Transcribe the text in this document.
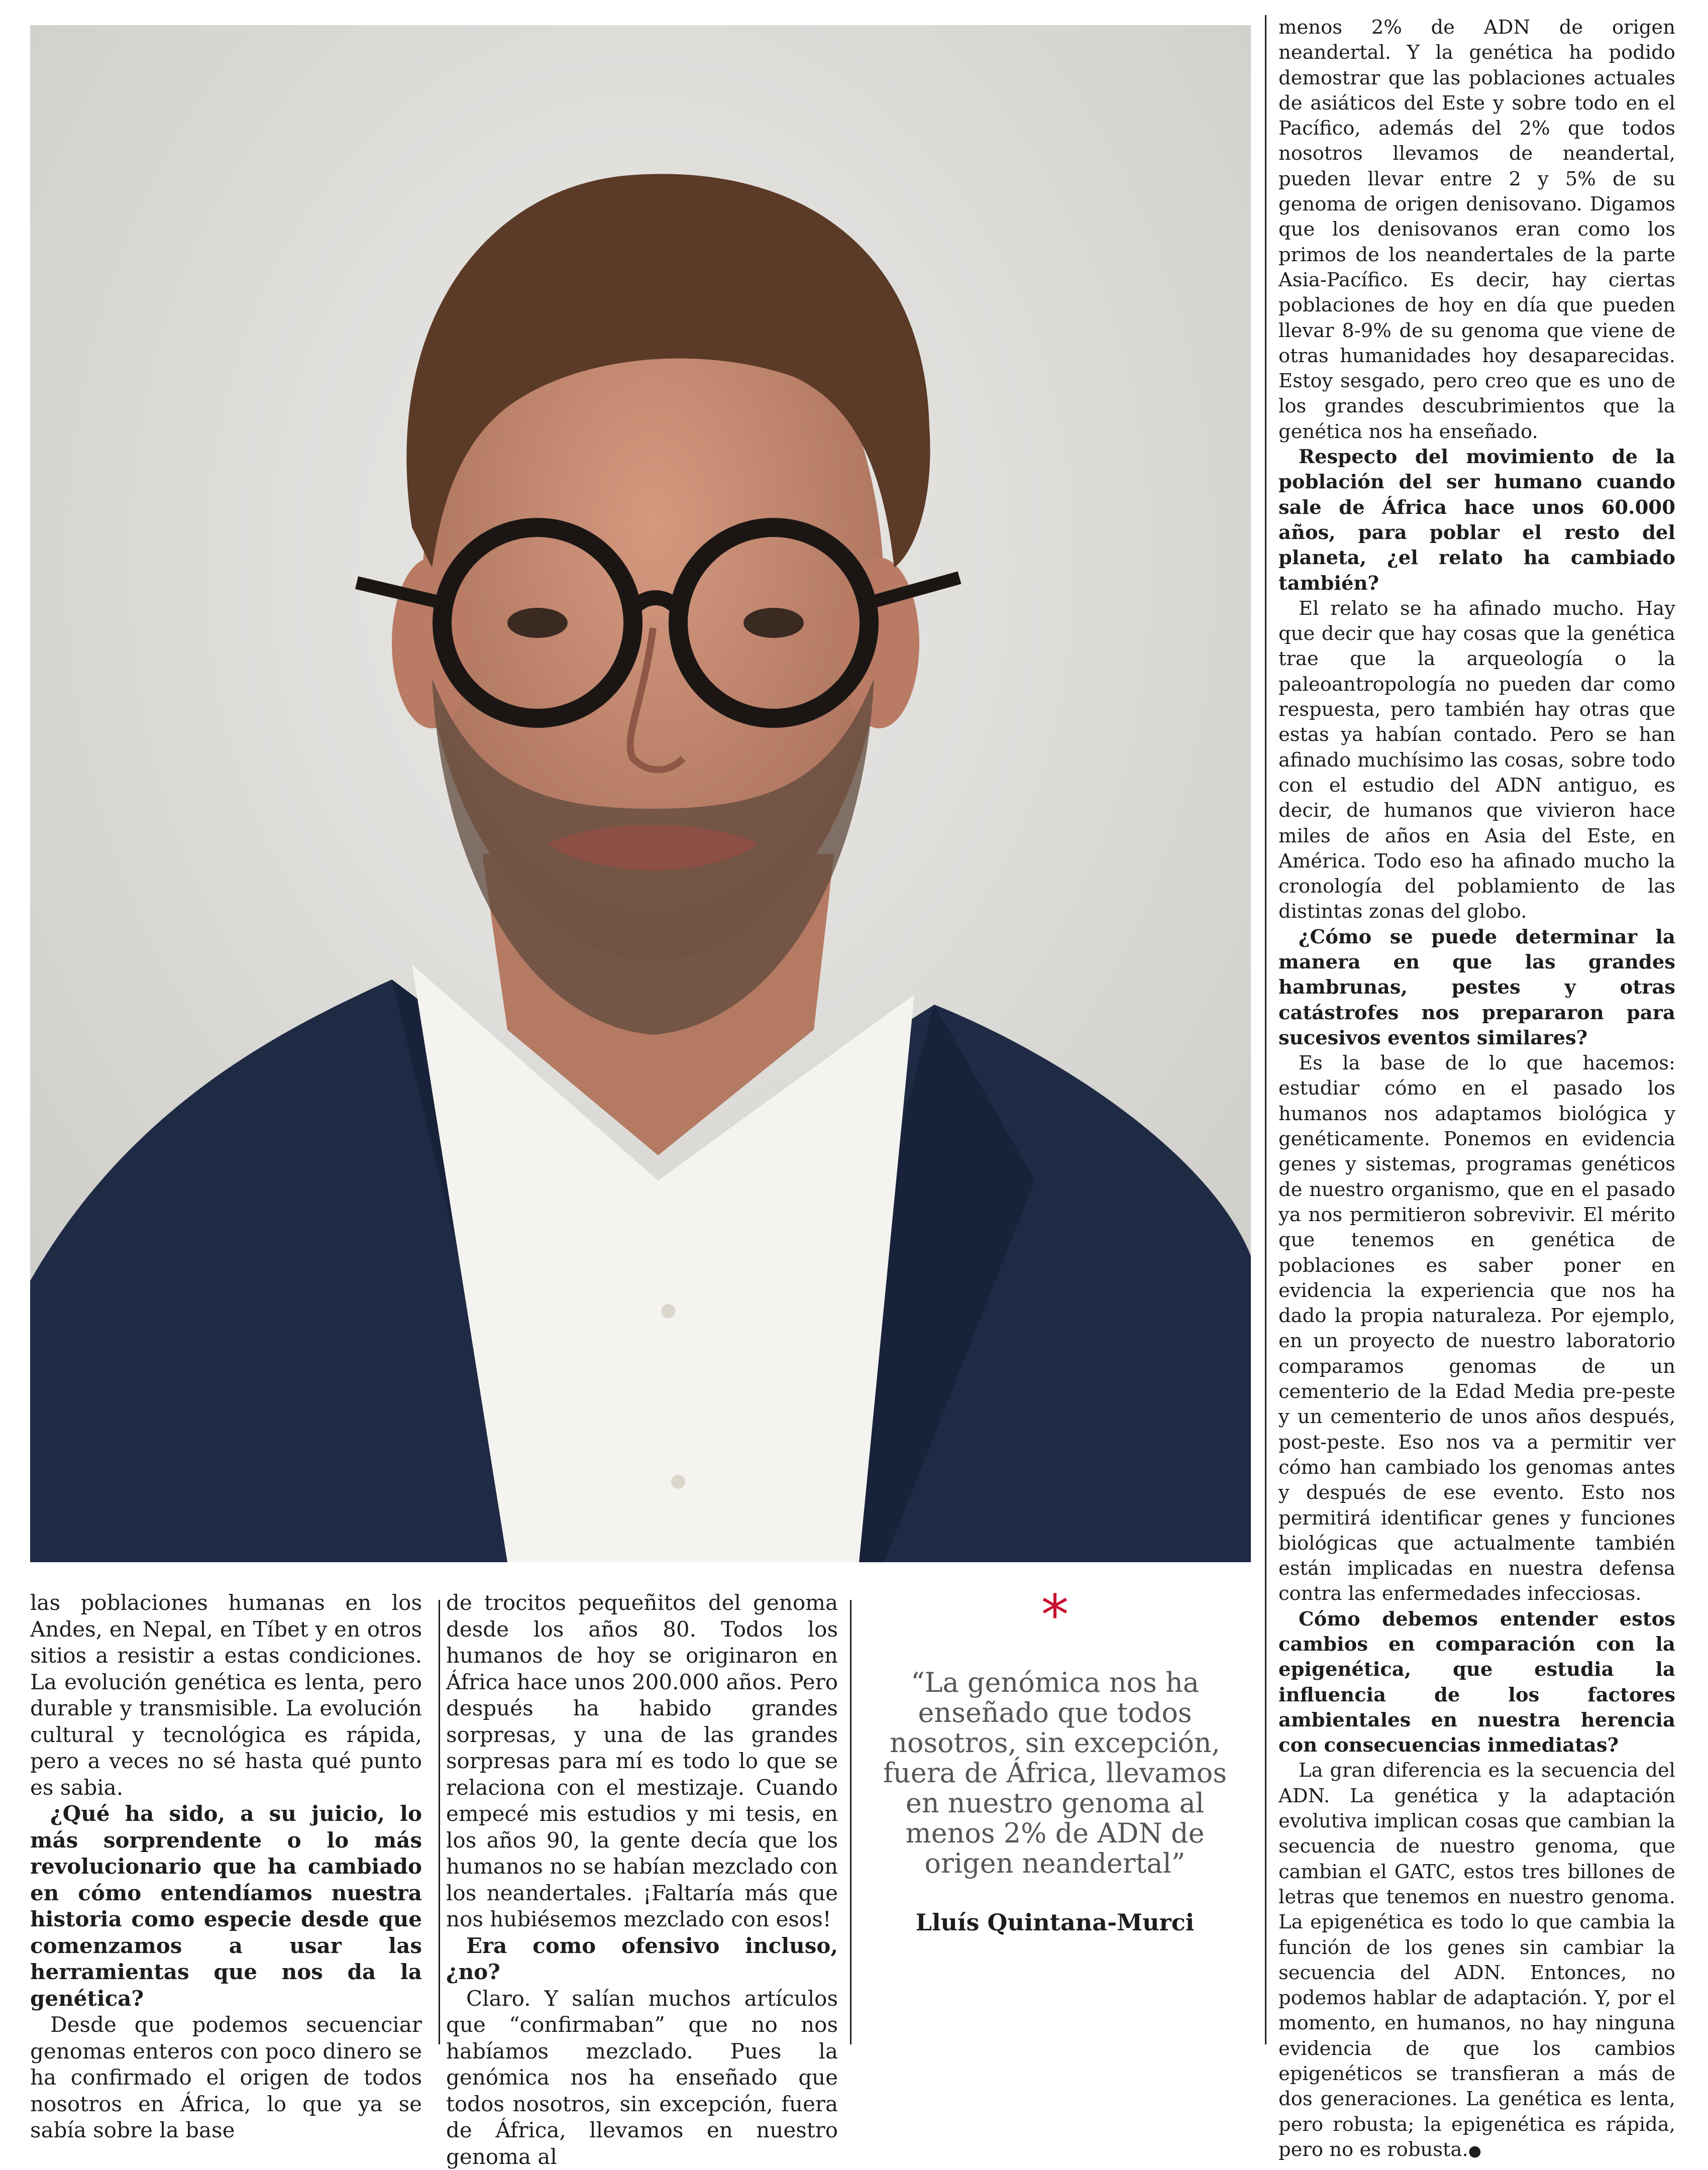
las poblaciones humanas en los Andes, en Nepal, en Tíbet y en otros sitios a resistir a estas condiciones. La evolución genética es lenta, pero durable y transmisible. La evolución cultural y tecnológica es rápida, pero a veces no sé hasta qué punto es sabia.

¿Qué ha sido, a su juicio, lo más sorprendente o lo más revolucionario que ha cambiado en cómo entendíamos nuestra historia como especie desde que comenzamos a usar las herramientas que nos da la genética?

Desde que podemos secuenciar genomas enteros con poco dinero se ha confirmado el origen de todos nosotros en África, lo que ya se sabía sobre la base

de trocitos pequeñitos del genoma desde los años 80. Todos los humanos de hoy se originaron en África hace unos 200.000 años. Pero después ha habido grandes sorpresas, y una de las grandes sorpresas para mí es todo lo que se relaciona con el mestizaje. Cuando empecé mis estudios y mi tesis, en los años 90, la gente decía que los humanos no se habían mezclado con los neandertales. ¡Faltaría más que nos hubiésemos mezclado con esos!

Era como ofensivo incluso, ¿no?

Claro. Y salían muchos artículos que “confirmaban” que no nos habíamos mezclado. Pues la genómica nos ha enseñado que todos nosotros, sin excepción, fuera de África, llevamos en nuestro genoma al

*
“La genómica nos ha enseñado que todos nosotros, sin excepción, fuera de África, llevamos en nuestro genoma al menos 2% de ADN de origen neandertal”
Lluís Quintana-Murci

menos 2% de ADN de origen neandertal. Y la genética ha podido demostrar que las poblaciones actuales de asiáticos del Este y sobre todo en el Pacífico, además del 2% que todos nosotros llevamos de neandertal, pueden llevar entre 2 y 5% de su genoma de origen denisovano. Digamos que los denisovanos eran como los primos de los neandertales de la parte Asia-Pacífico. Es decir, hay ciertas poblaciones de hoy en día que pueden llevar 8-9% de su genoma que viene de otras humanidades hoy desaparecidas. Estoy sesgado, pero creo que es uno de los grandes descubrimientos que la genética nos ha enseñado.

Respecto del movimiento de la población del ser humano cuando sale de África hace unos 60.000 años, para poblar el resto del planeta, ¿el relato ha cambiado también?

El relato se ha afinado mucho. Hay que decir que hay cosas que la genética trae que la arqueología o la paleoantropología no pueden dar como respuesta, pero también hay otras que estas ya habían contado. Pero se han afinado muchísimo las cosas, sobre todo con el estudio del ADN antiguo, es decir, de humanos que vivieron hace miles de años en Asia del Este, en América. Todo eso ha afinado mucho la cronología del poblamiento de las distintas zonas del globo.

¿Cómo se puede determinar la manera en que las grandes hambrunas, pestes y otras catástrofes nos prepararon para sucesivos eventos similares?

Es la base de lo que hacemos: estudiar cómo en el pasado los humanos nos adaptamos biológica y genéticamente. Ponemos en evidencia genes y sistemas, programas genéticos de nuestro organismo, que en el pasado ya nos permitieron sobrevivir. El mérito que tenemos en genética de poblaciones es saber poner en evidencia la experiencia que nos ha dado la propia naturaleza. Por ejemplo, en un proyecto de nuestro laboratorio comparamos genomas de un cementerio de la Edad Media pre-peste y un cementerio de unos años después, post-peste. Eso nos va a permitir ver cómo han cambiado los genomas antes y después de ese evento. Esto nos permitirá identificar genes y funciones biológicas que actualmente también están implicadas en nuestra defensa contra las enfermedades infecciosas.

Cómo debemos entender estos cambios en comparación con la epigenética, que estudia la influencia de los factores ambientales en nuestra herencia con consecuencias inmediatas?

La gran diferencia es la secuencia del ADN. La genética y la adaptación evolutiva implican cosas que cambian la secuencia de nuestro genoma, que cambian el GATC, estos tres billones de letras que tenemos en nuestro genoma. La epigenética es todo lo que cambia la función de los genes sin cambiar la secuencia del ADN. Entonces, no podemos hablar de adaptación. Y, por el momento, en humanos, no hay ninguna evidencia de que los cambios epigenéticos se transfieran a más de dos generaciones. La genética es lenta, pero robusta; la epigenética es rápida, pero no es robusta.●
